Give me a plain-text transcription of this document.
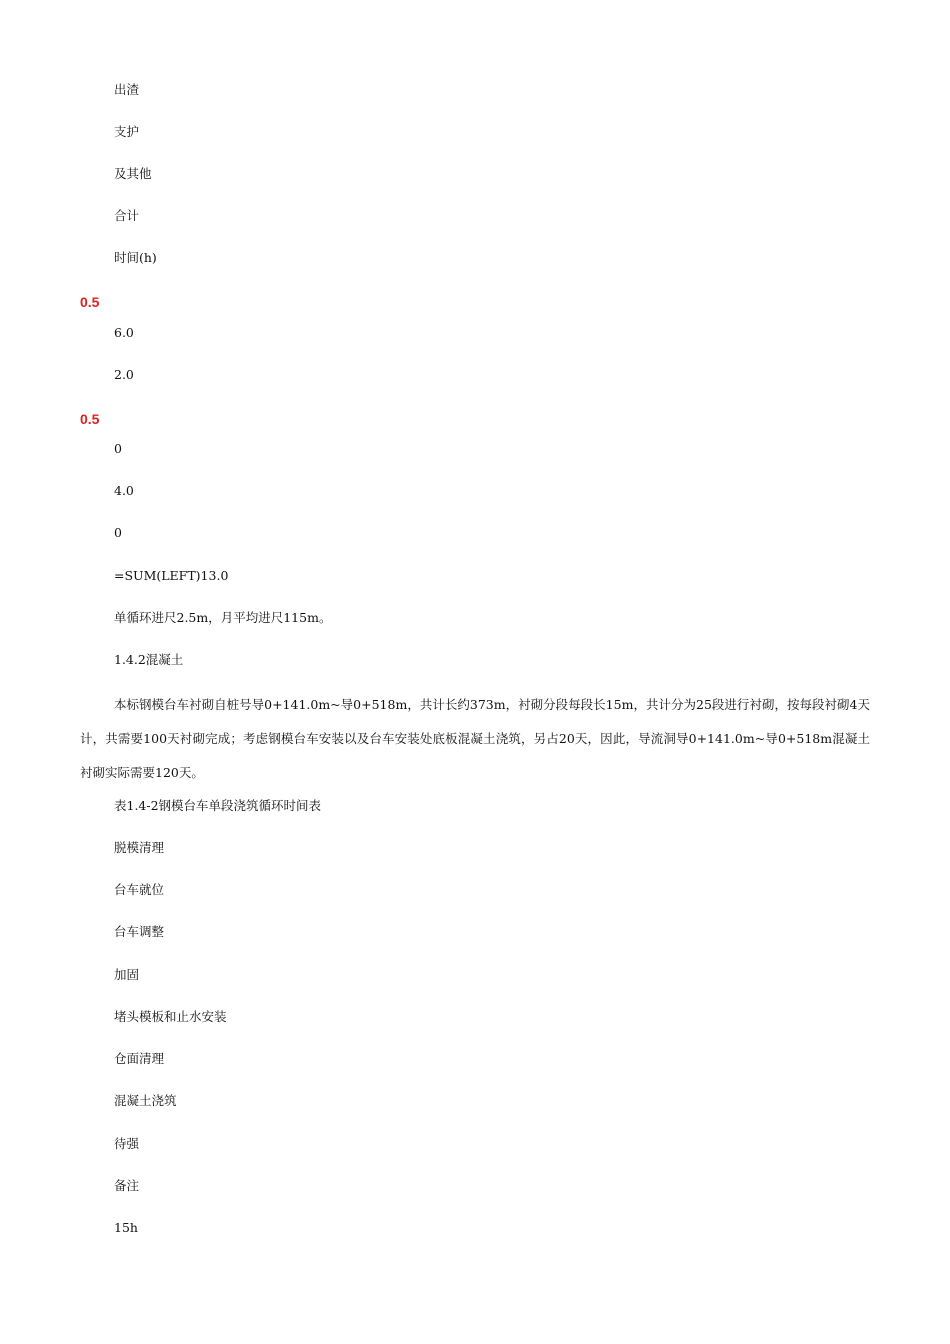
出渣

支护

及其他

合计

时间(h)

0.5

6.0

2.0

0.5

0

4.0

0

=SUM(LEFT)13.0

单循环进尺2.5m，月平均进尺115m。

1.4.2混凝土

本标钢模台车衬砌自桩号导0+141.0m~导0+518m，共计长约373m，衬砌分段每段长15m，共计分为25段进行衬砌，按每段衬砌4天计，共需要100天衬砌完成；考虑钢模台车安装以及台车安装处底板混凝土浇筑，另占20天，因此，导流洞导0+141.0m~导0+518m混凝土衬砌实际需要120天。

表1.4-2钢模台车单段浇筑循环时间表

脱模清理

台车就位

台车调整

加固

堵头模板和止水安装

仓面清理

混凝土浇筑

待强

备注

15h
